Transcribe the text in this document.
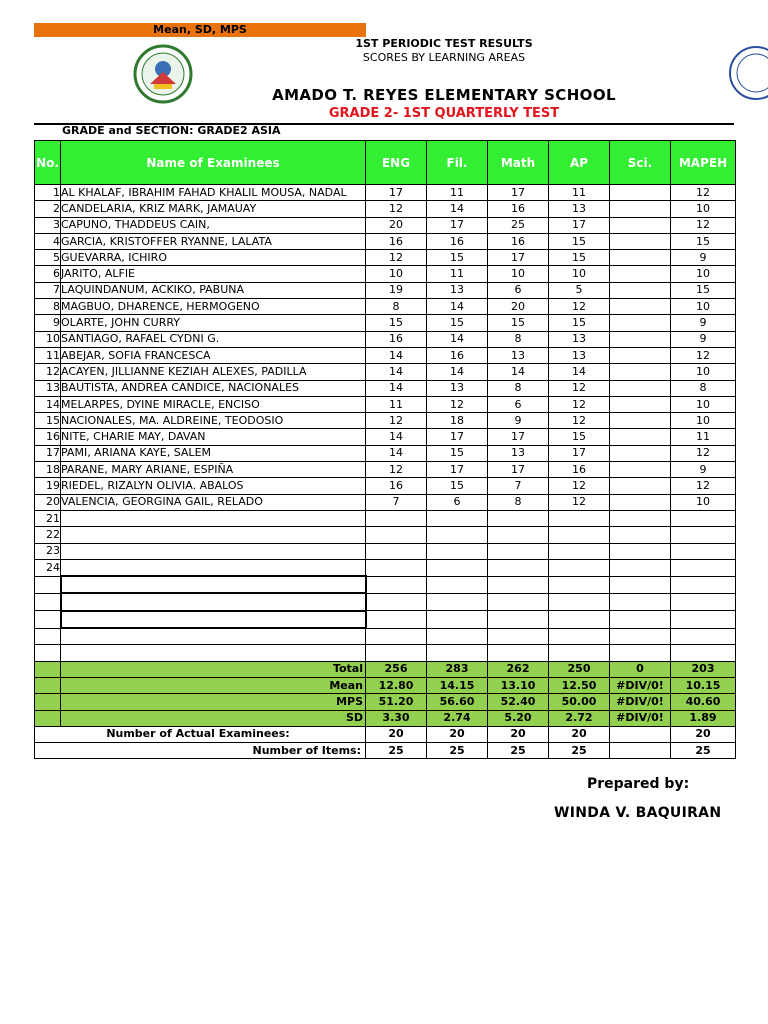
Mean, SD, MPS
1ST PERIODIC TEST RESULTS
SCORES BY LEARNING AREAS
AMADO T. REYES ELEMENTARY SCHOOL
GRADE 2- 1ST QUARTERLY TEST
GRADE and SECTION: GRADE2 ASIA
No.	Name of Examinees	ENG	Fil.	Math	AP	Sci.	MAPEH
1	AL KHALAF, IBRAHIM FAHAD KHALIL MOUSA, NADAL	17	11	17	11		12
2	CANDELARIA, KRIZ MARK, JAMAUAY	12	14	16	13		10
3	CAPUNO, THADDEUS CAIN,	20	17	25	17		12
4	GARCIA, KRISTOFFER RYANNE, LALATA	16	16	16	15		15
5	GUEVARRA, ICHIRO	12	15	17	15		9
6	JARITO, ALFIE	10	11	10	10		10
7	LAQUINDANUM, ACKIKO, PABUNA	19	13	6	5		15
8	MAGBUO, DHARENCE, HERMOGENO	8	14	20	12		10
9	OLARTE, JOHN CURRY	15	15	15	15		9
10	SANTIAGO, RAFAEL CYDNI G.	16	14	8	13		9
11	ABEJAR, SOFIA FRANCESCA	14	16	13	13		12
12	ACAYEN, JILLIANNE KEZIAH ALEXES, PADILLA	14	14	14	14		10
13	BAUTISTA, ANDREA CANDICE, NACIONALES	14	13	8	12		8
14	MELARPES, DYINE MIRACLE, ENCISO	11	12	6	12		10
15	NACIONALES, MA. ALDREINE, TEODOSIO	12	18	9	12		10
16	NITE, CHARIE MAY, DAVAN	14	17	17	15		11
17	PAMI, ARIANA KAYE, SALEM	14	15	13	17		12
18	PARANE, MARY ARIANE, ESPIÑA	12	17	17	16		9
19	RIEDEL, RIZALYN OLIVIA. ABALOS	16	15	7	12		12
20	VALENCIA, GEORGINA GAIL, RELADO	7	6	8	12		10
21							
22							
23							
24							

	Total	256	283	262	250	0	203
	Mean	12.80	14.15	13.10	12.50	#DIV/0!	10.15
	MPS	51.20	56.60	52.40	50.00	#DIV/0!	40.60
	SD	3.30	2.74	5.20	2.72	#DIV/0!	1.89
Number of Actual Examinees:		20	20	20	20		20
Number of Items:		25	25	25	25		25
Prepared by:
WINDA V. BAQUIRAN
